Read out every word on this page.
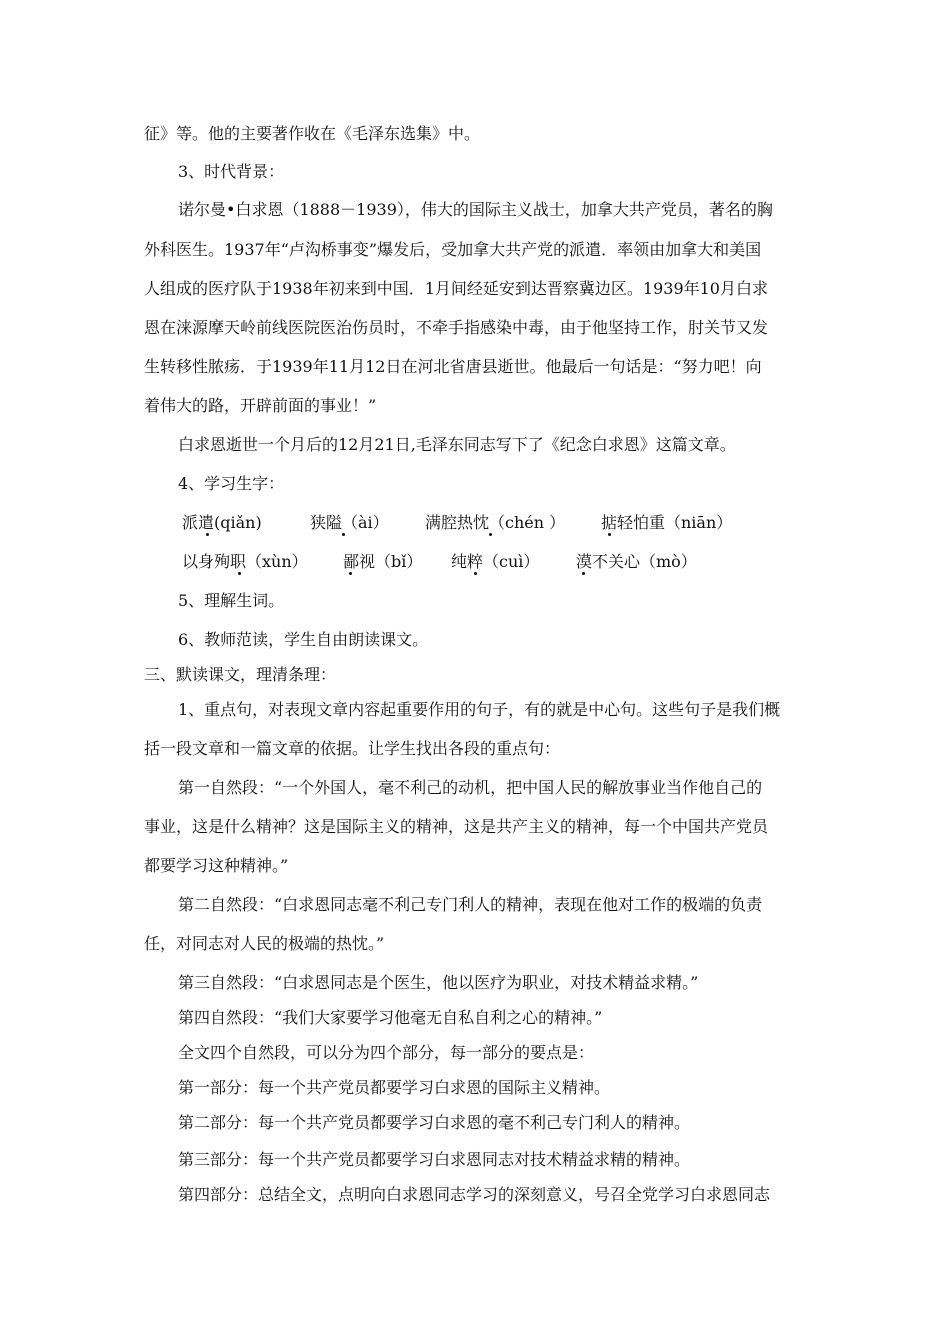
征》等。他的主要著作收在《毛泽东选集》中。
3、时代背景：
诺尔曼•白求恩（1888－1939），伟大的国际主义战士，加拿大共产党员，著名的胸
外科医生。1937年“卢沟桥事变”爆发后，受加拿大共产党的派遣．率领由加拿大和美国
人组成的医疗队于1938年初来到中国．1月间经延安到达晋察冀边区。1939年10月白求
恩在涞源摩天岭前线医院医治伤员时，不牵手指感染中毒，由于他坚持工作，肘关节又发
生转移性脓疡．于1939年11月12日在河北省唐县逝世。他最后一句话是：“努力吧！向
着伟大的路，开辟前面的事业！”
白求恩逝世一个月后的12月21日,毛泽东同志写下了《纪念白求恩》这篇文章。
4、学习生字：
派遣(qiǎn)	狭隘（ài） 满腔热忱（chén ） 掂轻怕重（niān）
以身殉职（xùn） 鄙视（bǐ） 纯粹（cuì） 漠不关心（mò）
5、理解生词。
6、教师范读，学生自由朗读课文。
三、默读课文，理清条理：
1、重点句，对表现文章内容起重要作用的句子，有的就是中心句。这些句子是我们概
括一段文章和一篇文章的依据。让学生找出各段的重点句：
第一自然段：“一个外国人，毫不利己的动机，把中国人民的解放事业当作他自己的
事业，这是什么精神？这是国际主义的精神，这是共产主义的精神，每一个中国共产党员
都要学习这种精神。”
第二自然段：“白求恩同志毫不利己专门利人的精神，表现在他对工作的极端的负责
任，对同志对人民的极端的热忱。”
第三自然段：“白求恩同志是个医生，他以医疗为职业，对技术精益求精。”
第四自然段：“我们大家要学习他毫无自私自利之心的精神。”
全文四个自然段，可以分为四个部分，每一部分的要点是：
第一部分：每一个共产党员都要学习白求恩的国际主义精神。
第二部分：每一个共产党员都要学习白求恩的毫不利己专门利人的精神。
第三部分：每一个共产党员都要学习白求恩同志对技术精益求精的精神。
第四部分：总结全文，点明向白求恩同志学习的深刻意义，号召全党学习白求恩同志
